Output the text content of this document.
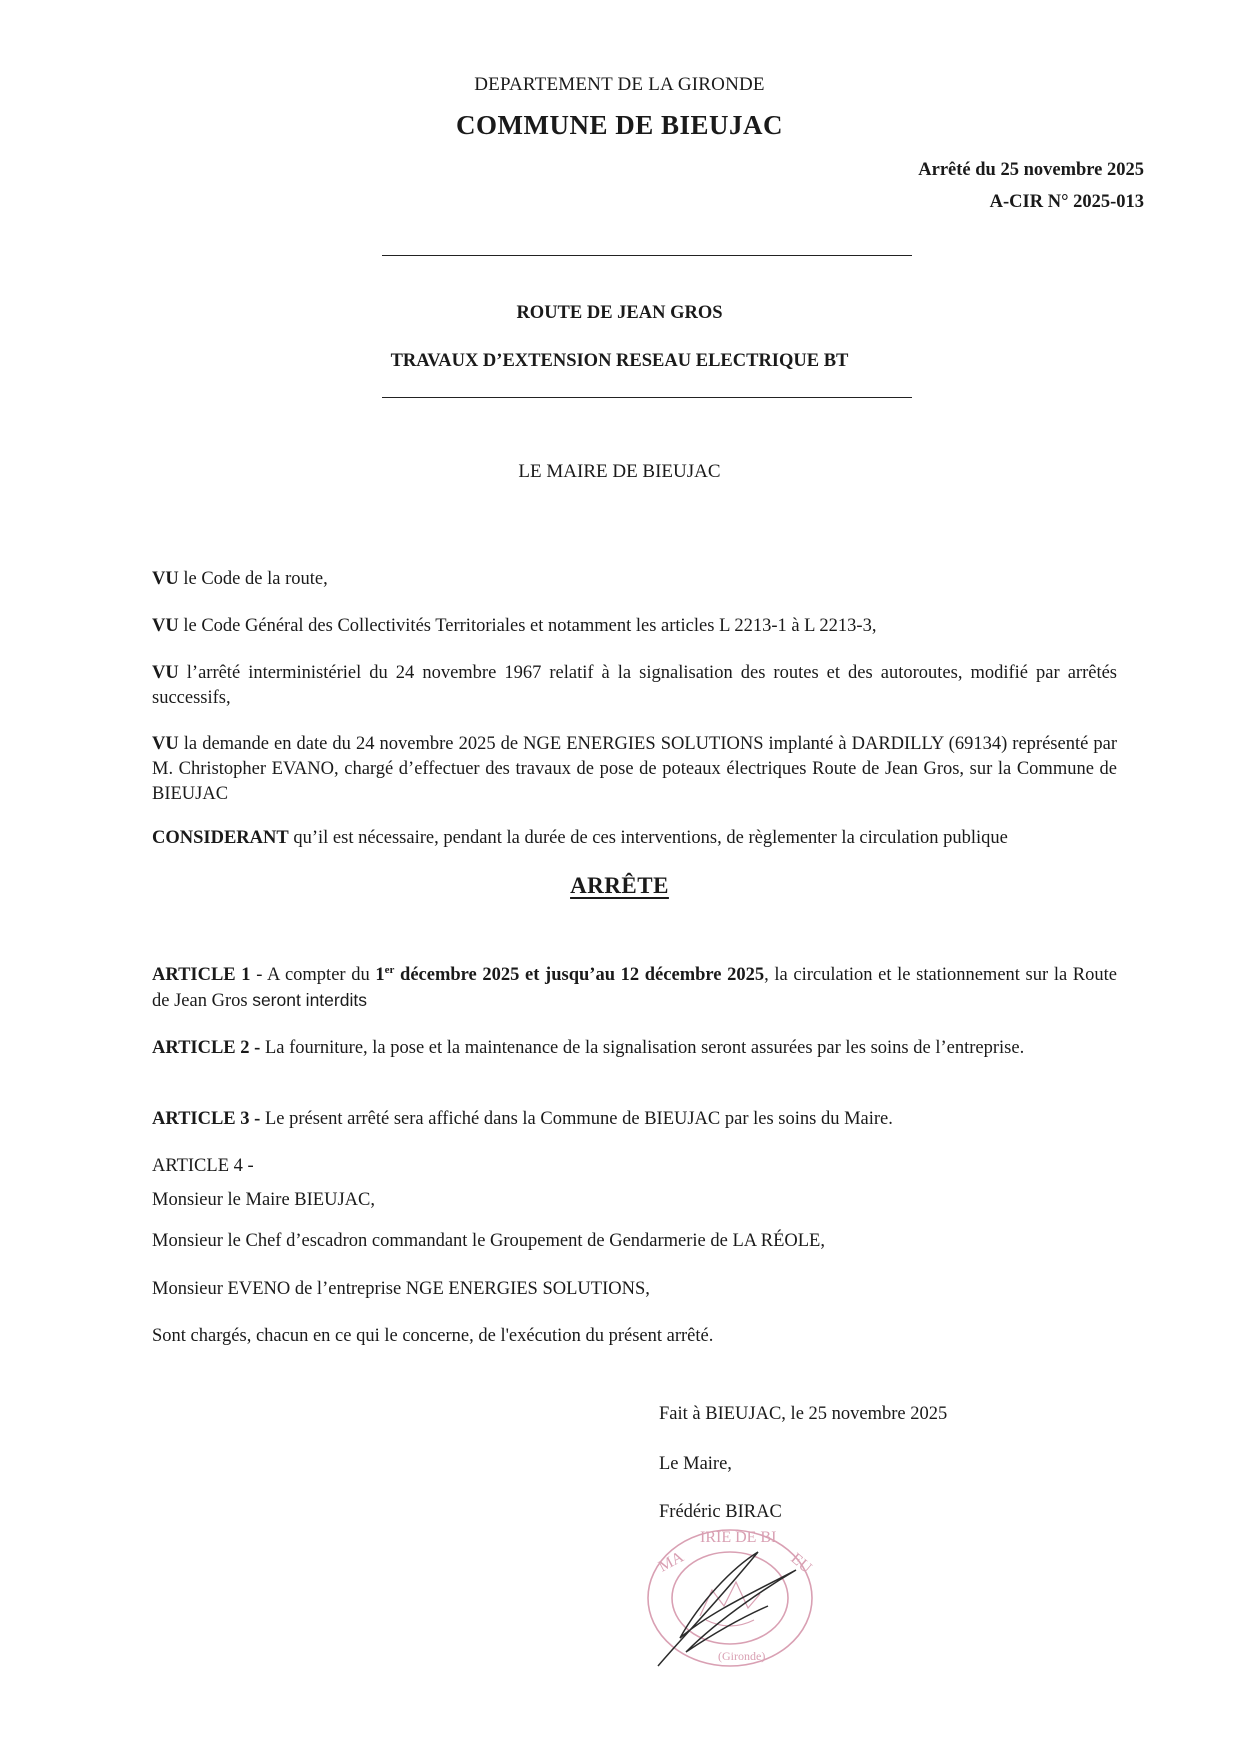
DEPARTEMENT DE LA GIRONDE
COMMUNE DE BIEUJAC
Arrêté du 25 novembre 2025
A-CIR N° 2025-013
ROUTE DE JEAN GROS
TRAVAUX D’EXTENSION RESEAU ELECTRIQUE BT
LE MAIRE DE BIEUJAC
VU le Code de la route,
VU le Code Général des Collectivités Territoriales et notamment les articles L 2213-1 à L 2213-3,
VU l’arrêté interministériel du 24 novembre 1967 relatif à la signalisation des routes et des autoroutes, modifié par arrêtés successifs,
VU la demande en date du 24 novembre 2025 de NGE ENERGIES SOLUTIONS implanté à DARDILLY (69134) représenté par M. Christopher EVANO, chargé d’effectuer des travaux de pose de poteaux électriques Route de Jean Gros, sur la Commune de BIEUJAC
CONSIDERANT qu’il est nécessaire, pendant la durée de ces interventions, de règlementer la circulation publique
ARRÊTE
ARTICLE 1 - A compter du 1er décembre 2025 et jusqu’au 12 décembre 2025, la circulation et le stationnement sur la Route de Jean Gros seront interdits
ARTICLE 2 - La fourniture, la pose et la maintenance de la signalisation seront assurées par les soins de l’entreprise.
ARTICLE 3 - Le présent arrêté sera affiché dans la Commune de BIEUJAC par les soins du Maire.
ARTICLE 4 -
Monsieur le Maire BIEUJAC,
Monsieur le Chef d’escadron commandant le Groupement de Gendarmerie de LA RÉOLE,
Monsieur EVENO de l’entreprise NGE ENERGIES SOLUTIONS,
Sont chargés, chacun en ce qui le concerne, de l'exécution du présent arrêté.
Fait à BIEUJAC, le 25 novembre 2025
Le Maire,
Frédéric BIRAC
MA
IRIE DE BI
EU
(Gironde)
